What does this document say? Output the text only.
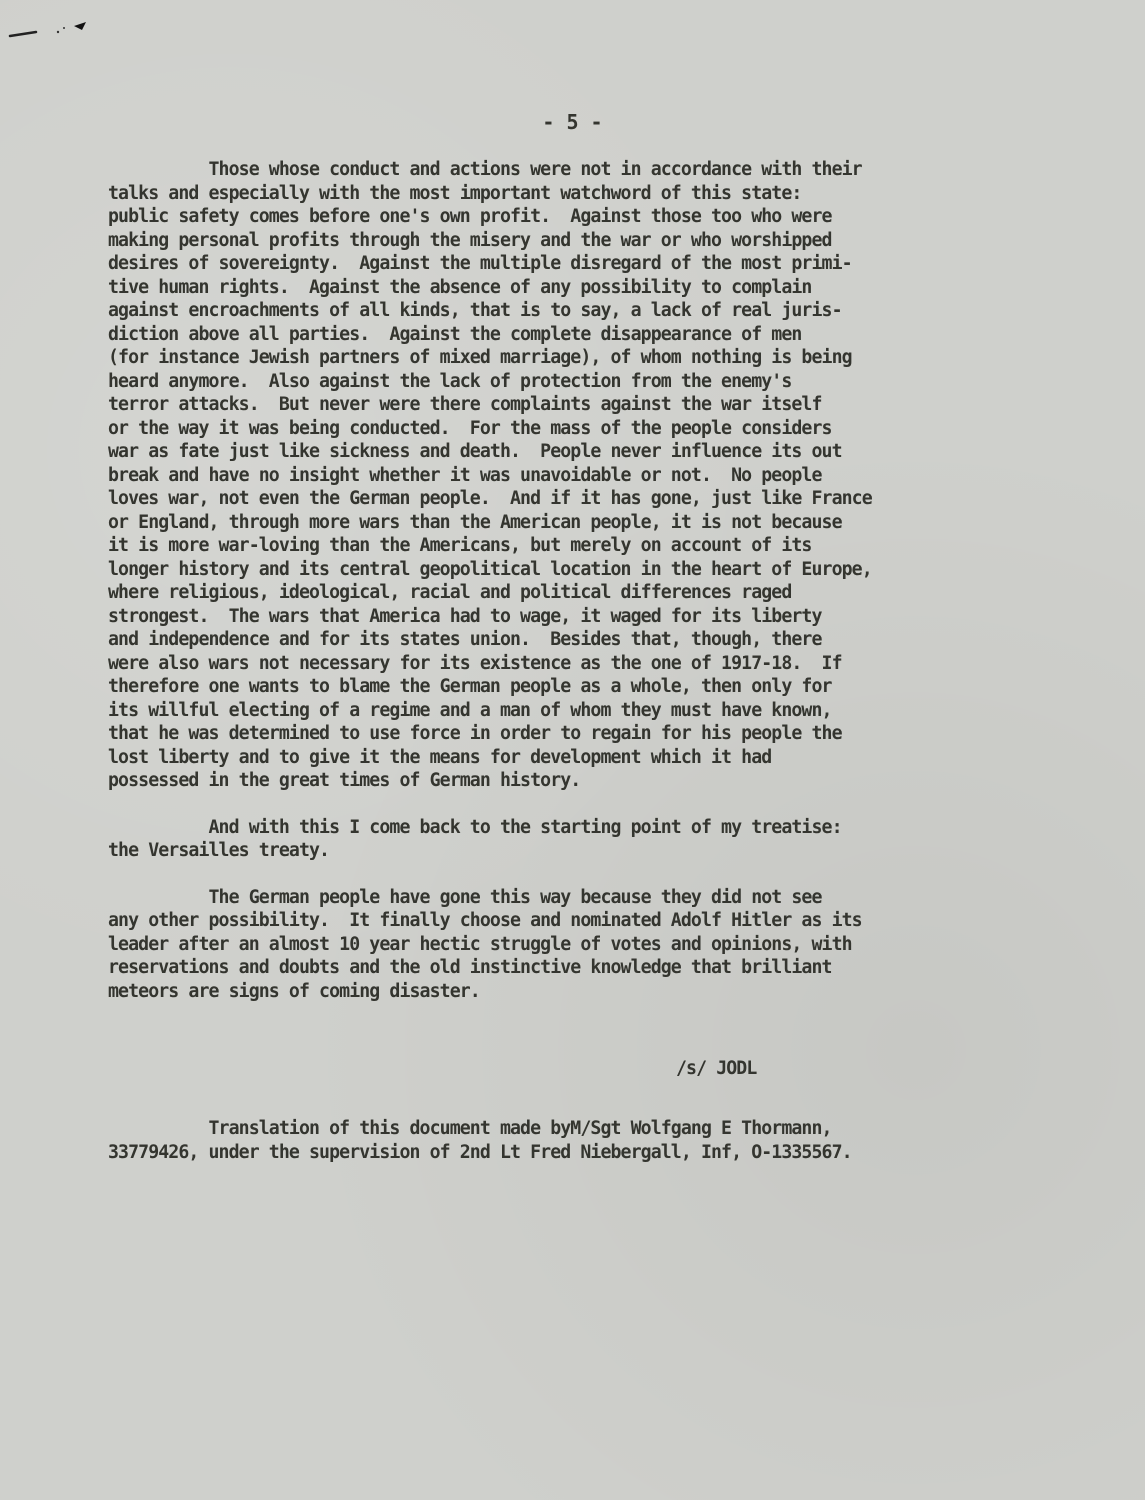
- 5 -
Those whose conduct and actions were not in accordance with their
talks and especially with the most important watchword of this state:
public safety comes before one's own profit.  Against those too who were
making personal profits through the misery and the war or who worshipped
desires of sovereignty.  Against the multiple disregard of the most primi-
tive human rights.  Against the absence of any possibility to complain
against encroachments of all kinds, that is to say, a lack of real juris-
diction above all parties.  Against the complete disappearance of men
(for instance Jewish partners of mixed marriage), of whom nothing is being
heard anymore.  Also against the lack of protection from the enemy's
terror attacks.  But never were there complaints against the war itself
or the way it was being conducted.  For the mass of the people considers
war as fate just like sickness and death.  People never influence its out
break and have no insight whether it was unavoidable or not.  No people
loves war, not even the German people.  And if it has gone, just like France
or England, through more wars than the American people, it is not because
it is more war-loving than the Americans, but merely on account of its
longer history and its central geopolitical location in the heart of Europe,
where religious, ideological, racial and political differences raged
strongest.  The wars that America had to wage, it waged for its liberty
and independence and for its states union.  Besides that, though, there
were also wars not necessary for its existence as the one of 1917-18.  If
therefore one wants to blame the German people as a whole, then only for
its willful electing of a regime and a man of whom they must have known,
that he was determined to use force in order to regain for his people the
lost liberty and to give it the means for development which it had
possessed in the great times of German history.
And with this I come back to the starting point of my treatise:
the Versailles treaty.
The German people have gone this way because they did not see
any other possibility.  It finally choose and nominated Adolf Hitler as its
leader after an almost 10 year hectic struggle of votes and opinions, with
reservations and doubts and the old instinctive knowledge that brilliant
meteors are signs of coming disaster.
/s/ JODL
Translation of this document made byM/Sgt Wolfgang E Thormann,
33779426, under the supervision of 2nd Lt Fred Niebergall, Inf, O-1335567.
